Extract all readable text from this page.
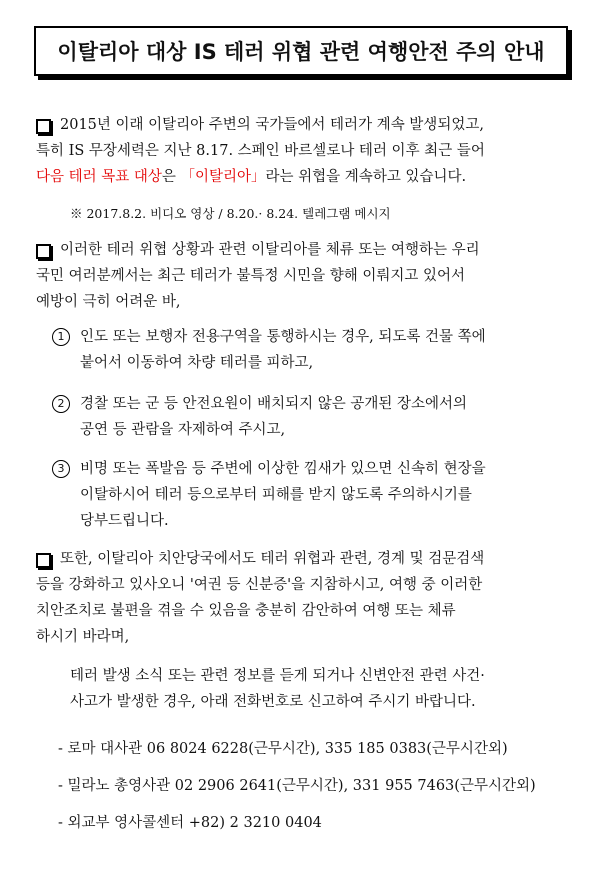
이탈리아 대상 IS 테러 위협 관련 여행안전 주의 안내
2015년 이래 이탈리아 주변의 국가들에서 테러가 계속 발생되었고,
특히 IS 무장세력은 지난 8.17. 스페인 바르셀로나 테러 이후 최근 들어
다음 테러 목표 대상은 「이탈리아」라는 위협을 계속하고 있습니다.
※ 2017.8.2. 비디오 영상 / 8.20.· 8.24. 텔레그램 메시지
이러한 테러 위협 상황과 관련 이탈리아를 체류 또는 여행하는 우리
국민 여러분께서는 최근 테러가 불특정 시민을 향해 이뤄지고 있어서
예방이 극히 어려운 바,
1	인도 또는 보행자 전용구역을 통행하시는 경우, 되도록 건물 쪽에
붙어서 이동하여 차량 테러를 피하고,
2	경찰 또는 군 등 안전요원이 배치되지 않은 공개된 장소에서의
공연 등 관람을 자제하여 주시고,
3	비명 또는 폭발음 등 주변에 이상한 낌새가 있으면 신속히 현장을
이탈하시어 테러 등으로부터 피해를 받지 않도록 주의하시기를
당부드립니다.
또한, 이탈리아 치안당국에서도 테러 위협과 관련, 경계 및 검문검색
등을 강화하고 있사오니 '여권 등 신분증'을 지참하시고, 여행 중 이러한
치안조치로 불편을 겪을 수 있음을 충분히 감안하여 여행 또는 체류
하시기 바라며,
테러 발생 소식 또는 관련 정보를 듣게 되거나 신변안전 관련 사건·
사고가 발생한 경우, 아래 전화번호로 신고하여 주시기 바랍니다.
- 로마 대사관 06 8024 6228(근무시간), 335 185 0383(근무시간외)
- 밀라노 총영사관 02 2906 2641(근무시간), 331 955 7463(근무시간외)
- 외교부 영사콜센터 +82) 2 3210 0404
